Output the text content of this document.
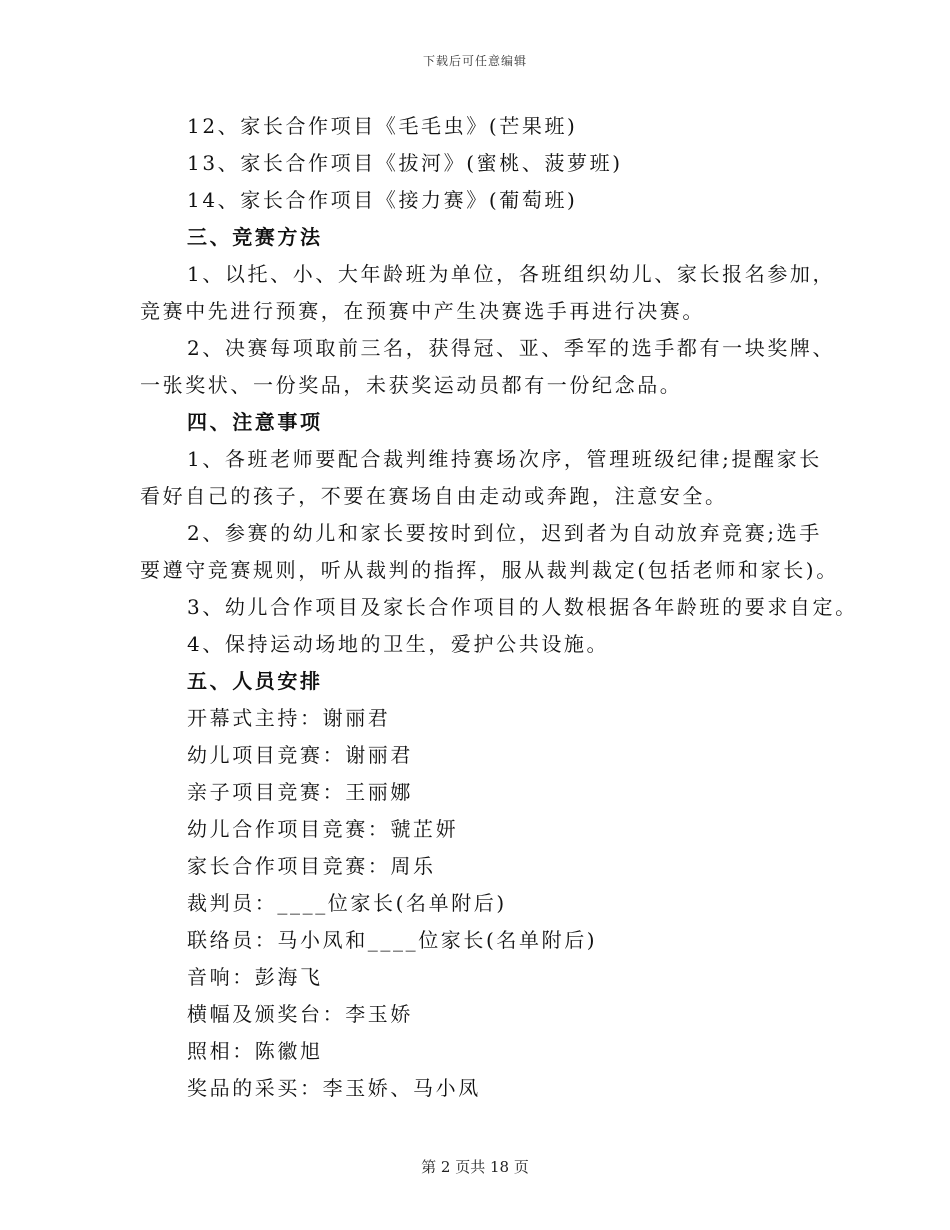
下载后可任意编辑
12、家长合作项目《毛毛虫》(芒果班)
13、家长合作项目《拔河》(蜜桃、菠萝班)
14、家长合作项目《接力赛》(葡萄班)
三、竞赛方法
1、以托、小、大年龄班为单位，各班组织幼儿、家长报名参加，
竞赛中先进行预赛，在预赛中产生决赛选手再进行决赛。
2、决赛每项取前三名，获得冠、亚、季军的选手都有一块奖牌、
一张奖状、一份奖品，未获奖运动员都有一份纪念品。
四、注意事项
1、各班老师要配合裁判维持赛场次序，管理班级纪律;提醒家长
看好自己的孩子，不要在赛场自由走动或奔跑，注意安全。
2、参赛的幼儿和家长要按时到位，迟到者为自动放弃竞赛;选手
要遵守竞赛规则，听从裁判的指挥，服从裁判裁定(包括老师和家长)。
3、幼儿合作项目及家长合作项目的人数根据各年龄班的要求自定。
4、保持运动场地的卫生，爱护公共设施。
五、人员安排
开幕式主持：谢丽君
幼儿项目竞赛：谢丽君
亲子项目竞赛：王丽娜
幼儿合作项目竞赛：虢芷妍
家长合作项目竞赛：周乐
裁判员：____位家长(名单附后)
联络员：马小凤和____位家长(名单附后)
音响：彭海飞
横幅及颁奖台：李玉娇
照相：陈徽旭
奖品的采买：李玉娇、马小凤
第 2 页共 18 页
